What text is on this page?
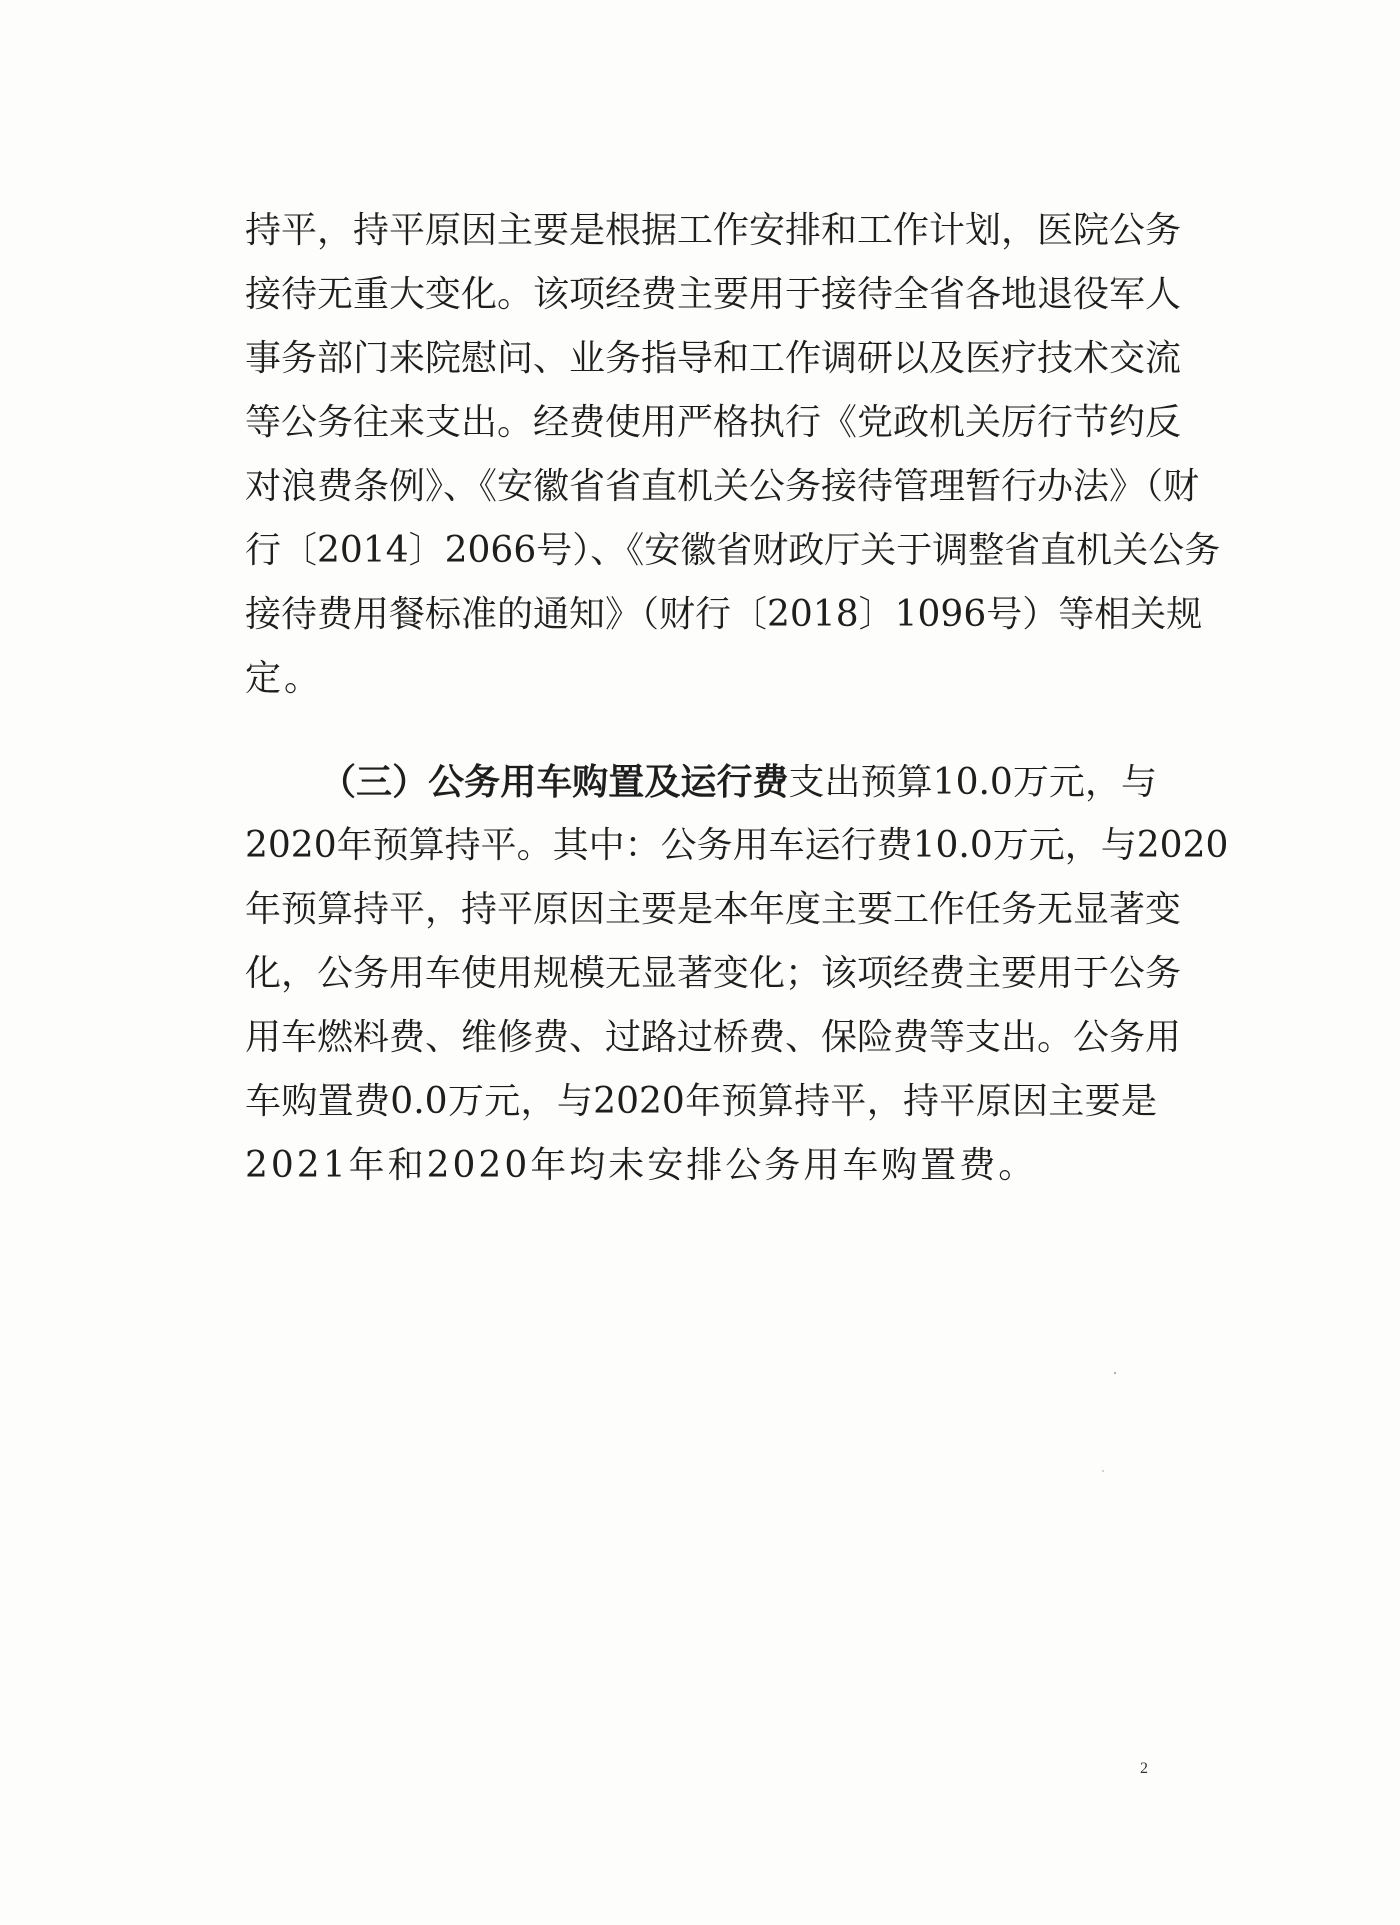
持平，持平原因主要是根据工作安排和工作计划，医院公务
接待无重大变化。该项经费主要用于接待全省各地退役军人
事务部门来院慰问、业务指导和工作调研以及医疗技术交流
等公务往来支出。经费使用严格执行《党政机关厉行节约反
对浪费条例》、《安徽省省直机关公务接待管理暂行办法》（财
行〔2014〕2066号）、《安徽省财政厅关于调整省直机关公务
接待费用餐标准的通知》（财行〔2018〕1096号）等相关规
定。
（三）公务用车购置及运行费支出预算10.0万元，与
2020年预算持平。其中：公务用车运行费10.0万元，与2020
年预算持平，持平原因主要是本年度主要工作任务无显著变
化，公务用车使用规模无显著变化；该项经费主要用于公务
用车燃料费、维修费、过路过桥费、保险费等支出。公务用
车购置费0.0万元，与2020年预算持平，持平原因主要是
2021年和2020年均未安排公务用车购置费。
2
